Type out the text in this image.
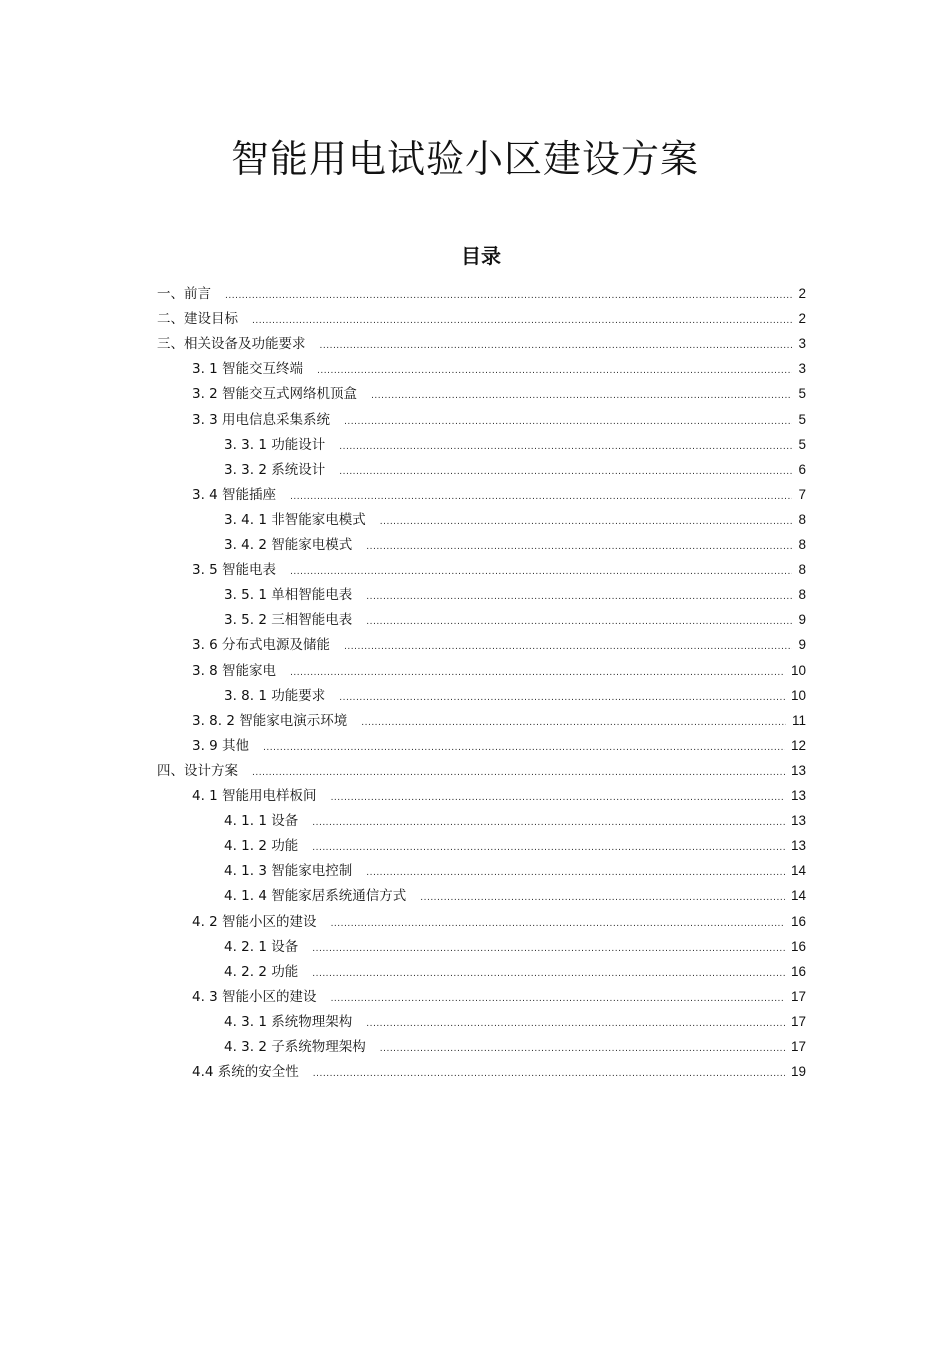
智能用电试验小区建设方案
目录
一、前言 .....	2
二、建设目标 .....	2
三、相关设备及功能要求 .....	3
3. 1 智能交互终端 .....	3
3. 2 智能交互式网络机顶盒 .....	5
3. 3 用电信息采集系统 .....	5
3. 3. 1 功能设计 .....	5
3. 3. 2 系统设计 .....	6
3. 4 智能插座 .....	7
3. 4. 1 非智能家电模式 .....	8
3. 4. 2 智能家电模式 .....	8
3. 5 智能电表 .....	8
3. 5. 1 单相智能电表 .....	8
3. 5. 2 三相智能电表 .....	9
3. 6 分布式电源及储能 .....	9
3. 8 智能家电 .....	10
3. 8. 1 功能要求 .....	10
3. 8. 2 智能家电演示环境 .....	11
3. 9 其他 .....	12
四、设计方案 .....	13
4. 1 智能用电样板间 .....	13
4. 1. 1 设备 .....	13
4. 1. 2 功能 .....	13
4. 1. 3 智能家电控制 .....	14
4. 1. 4 智能家居系统通信方式 .....	14
4. 2 智能小区的建设 .....	16
4. 2. 1 设备 .....	16
4. 2. 2 功能 .....	16
4. 3 智能小区的建设 .....	17
4. 3. 1 系统物理架构 .....	17
4. 3. 2 子系统物理架构 .....	17
4.4 系统的安全性 .....	19
